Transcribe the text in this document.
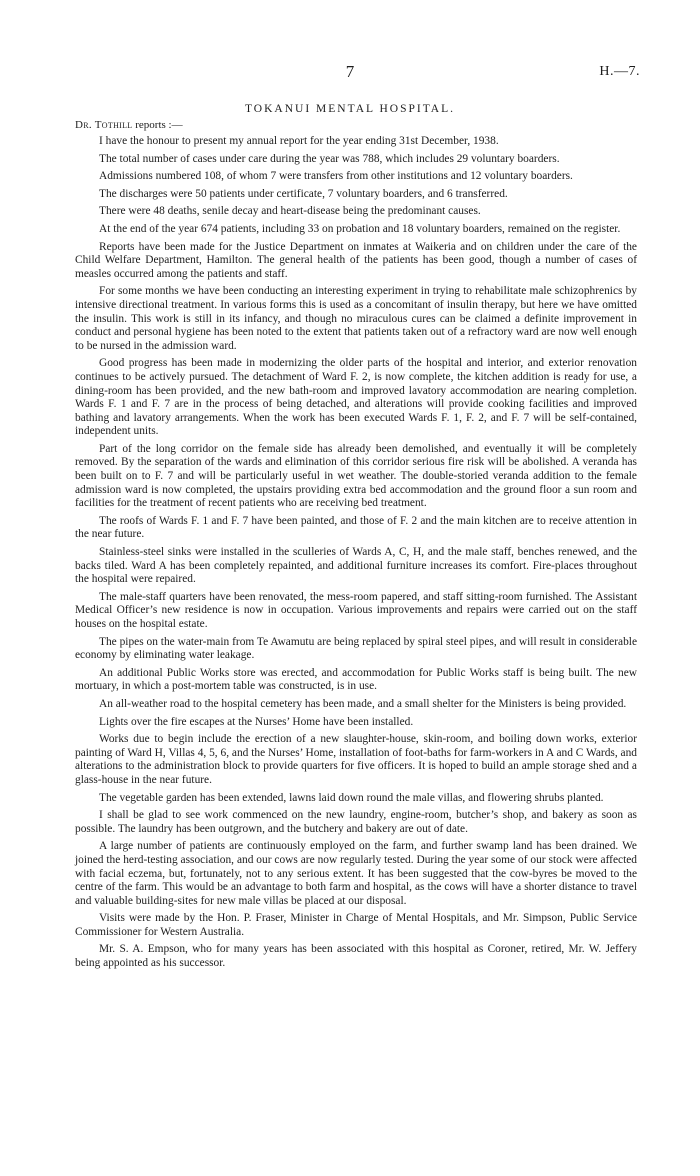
7	H.—7.
TOKANUI MENTAL HOSPITAL.

Dr. Tothill reports :—

I have the honour to present my annual report for the year ending 31st December, 1938.

The total number of cases under care during the year was 788, which includes 29 voluntary boarders.

Admissions numbered 108, of whom 7 were transfers from other institutions and 12 voluntary boarders.

The discharges were 50 patients under certificate, 7 voluntary boarders, and 6 transferred.

There were 48 deaths, senile decay and heart-disease being the predominant causes.

At the end of the year 674 patients, including 33 on probation and 18 voluntary boarders, remained on the register.

Reports have been made for the Justice Department on inmates at Waikeria and on children under the care of the Child Welfare Department, Hamilton. The general health of the patients has been good, though a number of cases of measles occurred among the patients and staff.

For some months we have been conducting an interesting experiment in trying to rehabilitate male schizophrenics by intensive directional treatment. In various forms this is used as a concomitant of insulin therapy, but here we have omitted the insulin. This work is still in its infancy, and though no miraculous cures can be claimed a definite improvement in conduct and personal hygiene has been noted to the extent that patients taken out of a refractory ward are now well enough to be nursed in the admission ward.

Good progress has been made in modernizing the older parts of the hospital and interior, and exterior renovation continues to be actively pursued. The detachment of Ward F. 2, is now complete, the kitchen addition is ready for use, a dining-room has been provided, and the new bath-room and improved lavatory accommodation are nearing completion. Wards F. 1 and F. 7 are in the process of being detached, and alterations will provide cooking facilities and improved bathing and lavatory arrangements. When the work has been executed Wards F. 1, F. 2, and F. 7 will be self-contained, independent units.

Part of the long corridor on the female side has already been demolished, and eventually it will be completely removed. By the separation of the wards and elimination of this corridor serious fire risk will be abolished. A veranda has been built on to F. 7 and will be particularly useful in wet weather. The double-storied veranda addition to the female admission ward is now completed, the upstairs providing extra bed accommodation and the ground floor a sun room and facilities for the treatment of recent patients who are receiving bed treatment.

The roofs of Wards F. 1 and F. 7 have been painted, and those of F. 2 and the main kitchen are to receive attention in the near future.

Stainless-steel sinks were installed in the sculleries of Wards A, C, H, and the male staff, benches renewed, and the backs tiled. Ward A has been completely repainted, and additional furniture increases its comfort. Fire-places throughout the hospital were repaired.

The male-staff quarters have been renovated, the mess-room papered, and staff sitting-room furnished. The Assistant Medical Officer’s new residence is now in occupation. Various improvements and repairs were carried out on the staff houses on the hospital estate.

The pipes on the water-main from Te Awamutu are being replaced by spiral steel pipes, and will result in considerable economy by eliminating water leakage.

An additional Public Works store was erected, and accommodation for Public Works staff is being built. The new mortuary, in which a post-mortem table was constructed, is in use.

An all-weather road to the hospital cemetery has been made, and a small shelter for the Ministers is being provided.

Lights over the fire escapes at the Nurses’ Home have been installed.

Works due to begin include the erection of a new slaughter-house, skin-room, and boiling down works, exterior painting of Ward H, Villas 4, 5, 6, and the Nurses’ Home, installation of foot-baths for farm-workers in A and C Wards, and alterations to the administration block to provide quarters for five officers. It is hoped to build an ample storage shed and a glass-house in the near future.

The vegetable garden has been extended, lawns laid down round the male villas, and flowering shrubs planted.

I shall be glad to see work commenced on the new laundry, engine-room, butcher’s shop, and bakery as soon as possible. The laundry has been outgrown, and the butchery and bakery are out of date.

A large number of patients are continuously employed on the farm, and further swamp land has been drained. We joined the herd-testing association, and our cows are now regularly tested. During the year some of our stock were affected with facial eczema, but, fortunately, not to any serious extent. It has been suggested that the cow-byres be moved to the centre of the farm. This would be an advantage to both farm and hospital, as the cows will have a shorter distance to travel and valuable building-sites for new male villas be placed at our disposal.

Visits were made by the Hon. P. Fraser, Minister in Charge of Mental Hospitals, and Mr. Simpson, Public Service Commissioner for Western Australia.

Mr. S. A. Empson, who for many years has been associated with this hospital as Coroner, retired, Mr. W. Jeffery being appointed as his successor.
